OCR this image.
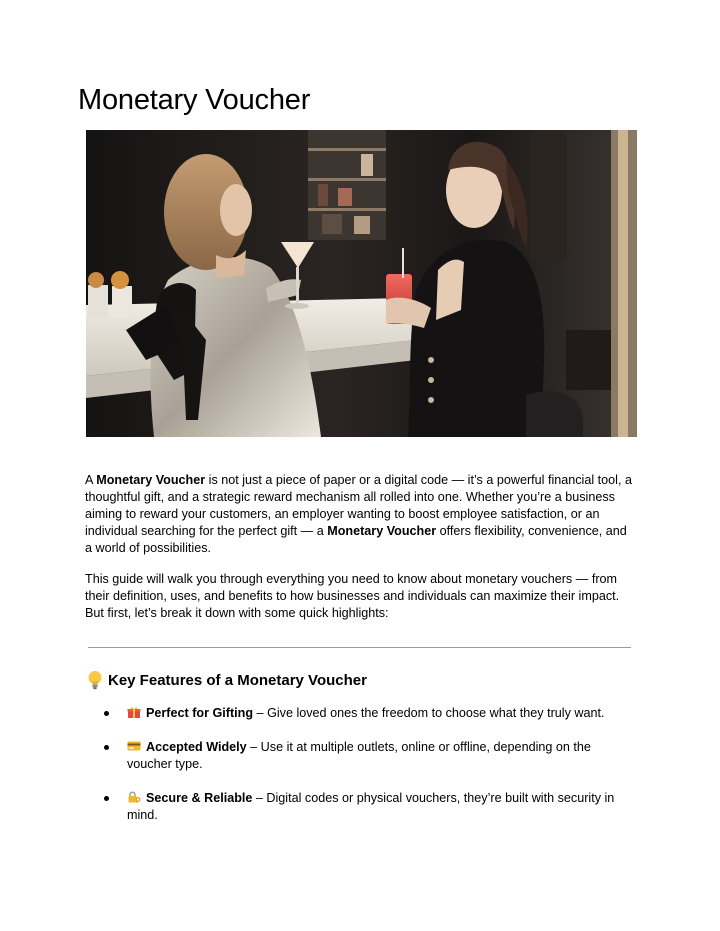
Monetary Voucher

A Monetary Voucher is not just a piece of paper or a digital code — it’s a powerful financial tool, a thoughtful gift, and a strategic reward mechanism all rolled into one. Whether you’re a business aiming to reward your customers, an employer wanting to boost employee satisfaction, or an individual searching for the perfect gift — a Monetary Voucher offers flexibility, convenience, and a world of possibilities.

This guide will walk you through everything you need to know about monetary vouchers — from their definition, uses, and benefits to how businesses and individuals can maximize their impact. But first, let’s break it down with some quick highlights:

Key Features of a Monetary Voucher
Perfect for Gifting – Give loved ones the freedom to choose what they truly want.
Accepted Widely – Use it at multiple outlets, online or offline, depending on the voucher type.
Secure & Reliable – Digital codes or physical vouchers, they’re built with security in mind.
